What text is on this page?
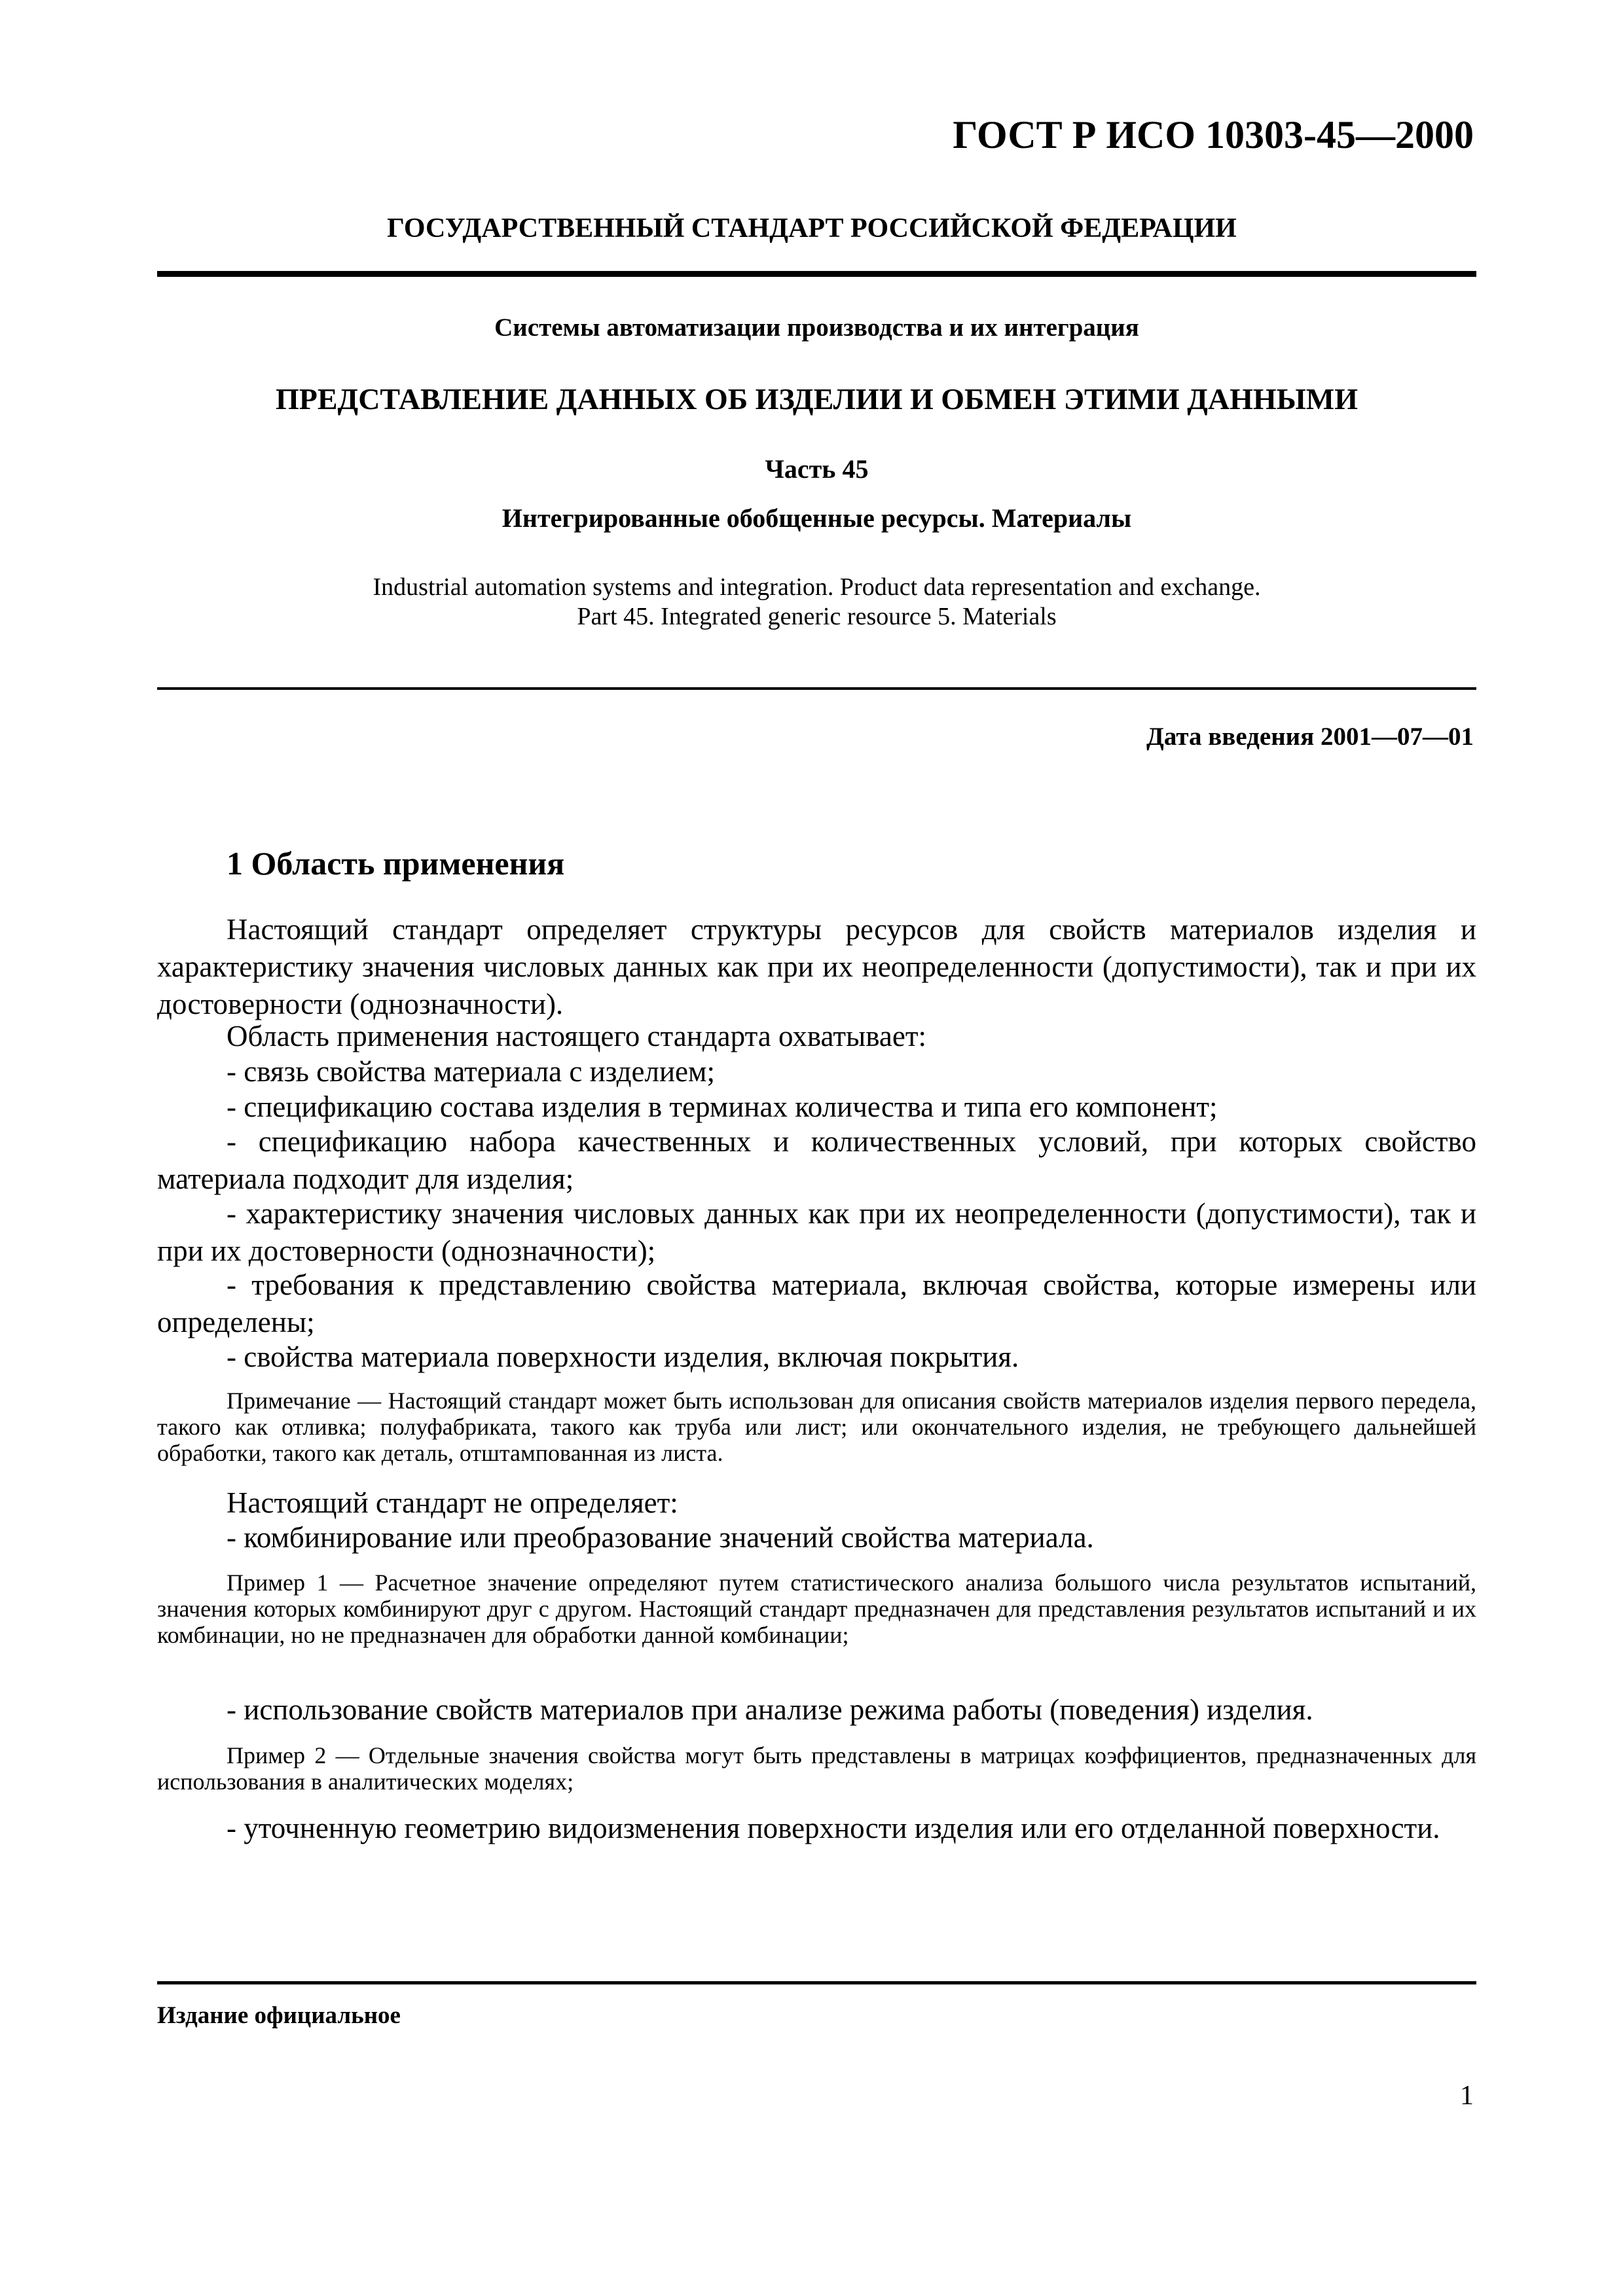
ГОСТ Р ИСО 10303-45—2000
ГОСУДАРСТВЕННЫЙ СТАНДАРТ РОССИЙСКОЙ ФЕДЕРАЦИИ
Системы автоматизации производства и их интеграция
ПРЕДСТАВЛЕНИЕ ДАННЫХ ОБ ИЗДЕЛИИ И ОБМЕН ЭТИМИ ДАННЫМИ
Часть 45
Интегрированные обобщенные ресурсы. Материалы
Industrial automation systems and integration. Product data representation and exchange.
Part 45. Integrated generic resource 5. Materials
Дата введения 2001—07—01
1 Область применения
Настоящий стандарт определяет структуры ресурсов для свойств материалов изделия и характеристику значения числовых данных как при их неопределенности (допустимости), так и при их достоверности (однозначности).
Область применения настоящего стандарта охватывает:
- связь свойства материала с изделием;
- спецификацию состава изделия в терминах количества и типа его компонент;
- спецификацию набора качественных и количественных условий, при которых свойство материала подходит для изделия;
- характеристику значения числовых данных как при их неопределенности (допустимости), так и при их достоверности (однозначности);
- требования к представлению свойства материала, включая свойства, которые измерены или определены;
- свойства материала поверхности изделия, включая покрытия.
Примечание — Настоящий стандарт может быть использован для описания свойств материалов изделия первого передела, такого как отливка; полуфабриката, такого как труба или лист; или окончательного изделия, не требующего дальнейшей обработки, такого как деталь, отштампованная из листа.
Настоящий стандарт не определяет:
- комбинирование или преобразование значений свойства материала.
Пример 1 — Расчетное значение определяют путем статистического анализа большого числа результатов испытаний, значения которых комбинируют друг с другом. Настоящий стандарт предназначен для представления результатов испытаний и их комбинации, но не предназначен для обработки данной комбинации;
- использование свойств материалов при анализе режима работы (поведения) изделия.
Пример 2 — Отдельные значения свойства могут быть представлены в матрицах коэффициентов, предназначенных для использования в аналитических моделях;
- уточненную геометрию видоизменения поверхности изделия или его отделанной поверхности.
Издание официальное
1
